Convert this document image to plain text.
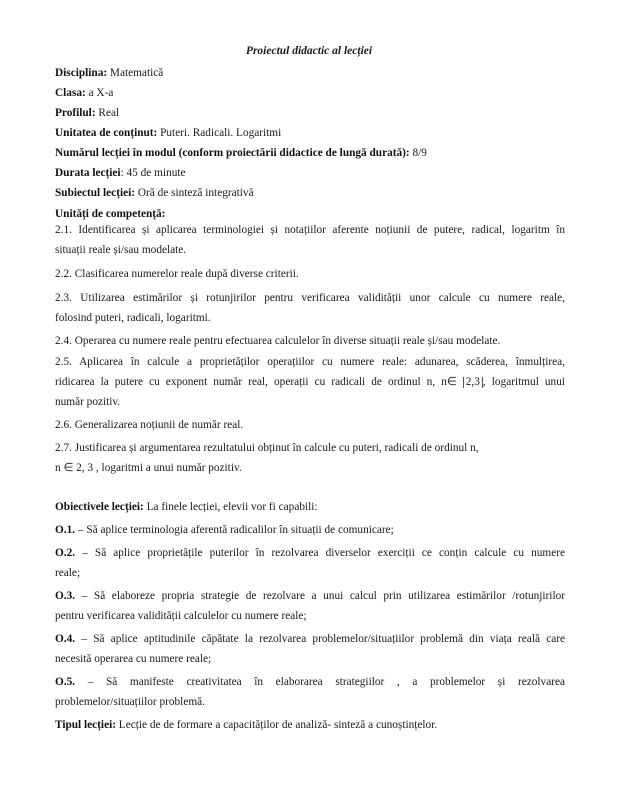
Proiectul didactic al lecției
Disciplina: Matematică
Clasa: a X-a
Profilul: Real
Unitatea de conținut: Puteri. Radicali. Logaritmi
Numărul lecției în modul (conform proiectării didactice de lungă durată): 8/9
Durata lecției: 45 de minute
Subiectul lecției: Oră de sinteză integrativă
Unități de competență:
2.1. Identificarea și aplicarea terminologiei și notațiilor aferente noțiunii de putere, radical, logaritm în
situații reale și/sau modelate.
2.2. Clasificarea numerelor reale după diverse criterii.
2.3. Utilizarea estimărilor și rotunjirilor pentru verificarea validității unor calcule cu numere reale,
folosind puteri, radicali, logaritmi.
2.4. Operarea cu numere reale pentru efectuarea calculelor în diverse situații reale și/sau modelate.
2.5. Aplicarea în calcule a proprietăților operațiilor cu numere reale: adunarea, scăderea, înmulțirea,
ridicarea la putere cu exponent număr real, operații cu radicali de ordinul n, n∈ 2,3 , logaritmul unui
număr pozitiv.
2.6. Generalizarea noțiunii de număr real.
2.7. Justificarea și argumentarea rezultatului obținut în calcule cu puteri, radicali de ordinul n,
n ∈ 2, 3 , logaritmi a unui număr pozitiv.
Obiectivele lecției: La finele lecției, elevii vor fi capabili:
O.1. – Să aplice terminologia aferentă radicalilor în situații de comunicare;
O.2. – Să aplice proprietățile puterilor în rezolvarea diverselor exerciții ce conțin calcule cu numere
reale;
O.3. – Să elaboreze propria strategie de rezolvare a unui calcul prin utilizarea estimărilor /rotunjirilor
pentru verificarea validității calculelor cu numere reale;
O.4. – Să aplice aptitudinile căpătate la rezolvarea problemelor/situațiilor problemă din viața reală care
necesită operarea cu numere reale;
O.5. – Să manifeste creativitatea în elaborarea strategiilor , a problemelor și rezolvarea
problemelor/situațiilor problemă.
Tipul lecției: Lecție de de formare a capacităților de analiză- sinteză a cunoștințelor.
